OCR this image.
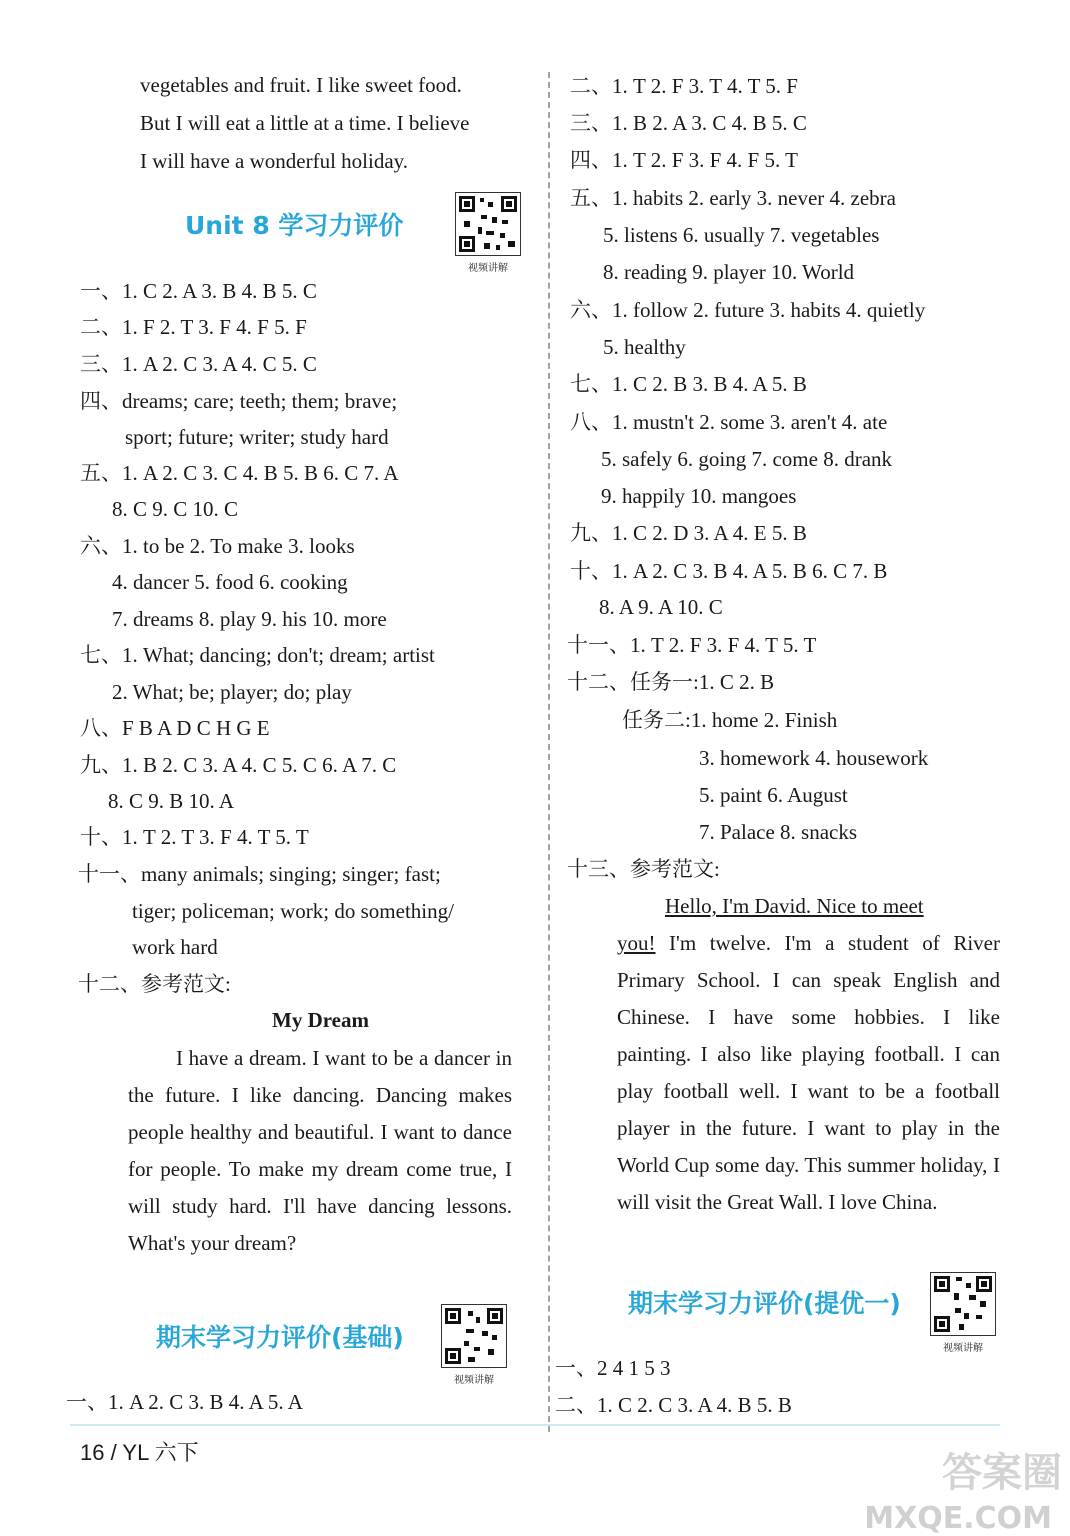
vegetables and fruit. I like sweet food.
But I will eat a little at a time. I believe
I will have a wonderful holiday.
Unit 8 学习力评价
视频讲解
一、1. C 2. A 3. B 4. B 5. C
二、1. F 2. T 3. F 4. F 5. F
三、1. A 2. C 3. A 4. C 5. C
四、dreams; care; teeth; them; brave;
sport; future; writer; study hard
五、1. A 2. C 3. C 4. B 5. B 6. C 7. A
8. C 9. C 10. C
六、1. to be 2. To make 3. looks
4. dancer 5. food 6. cooking
7. dreams 8. play 9. his 10. more
七、1. What; dancing; don't; dream; artist
2. What; be; player; do; play
八、F B A D C H G E
九、1. B 2. C 3. A 4. C 5. C 6. A 7. C
8. C 9. B 10. A
十、1. T 2. T 3. F 4. T 5. T
十一、many animals; singing; singer; fast;
tiger; policeman; work; do something/
work hard
十二、参考范文:
My Dream
I have a dream. I want to be a dancer in the future. I like dancing. Dancing makes people healthy and beautiful. I want to dance for people. To make my dream come true, I will study hard. I'll have dancing lessons. What's your dream?
期末学习力评价(基础)
视频讲解
一、1. A 2. C 3. B 4. A 5. A
二、1. T 2. F 3. T 4. T 5. F
三、1. B 2. A 3. C 4. B 5. C
四、1. T 2. F 3. F 4. F 5. T
五、1. habits 2. early 3. never 4. zebra
5. listens 6. usually 7. vegetables
8. reading 9. player 10. World
六、1. follow 2. future 3. habits 4. quietly
5. healthy
七、1. C 2. B 3. B 4. A 5. B
八、1. mustn't 2. some 3. aren't 4. ate
5. safely 6. going 7. come 8. drank
9. happily 10. mangoes
九、1. C 2. D 3. A 4. E 5. B
十、1. A 2. C 3. B 4. A 5. B 6. C 7. B
8. A 9. A 10. C
十一、1. T 2. F 3. F 4. T 5. T
十二、任务一:1. C 2. B
任务二:1. home 2. Finish
3. homework 4. housework
5. paint 6. August
7. Palace 8. snacks
十三、参考范文:
Hello, I'm David. Nice to meet
you! I'm twelve. I'm a student of River Primary School. I can speak English and Chinese. I have some hobbies. I like painting. I also like playing football. I can play football well. I want to be a football player in the future. I want to play in the World Cup some day. This summer holiday, I will visit the Great Wall. I love China.
期末学习力评价(提优一)
视频讲解
一、2 4 1 5 3
二、1. C 2. C 3. A 4. B 5. B
16 / YL 六下	答案圈
MXQE.COM
